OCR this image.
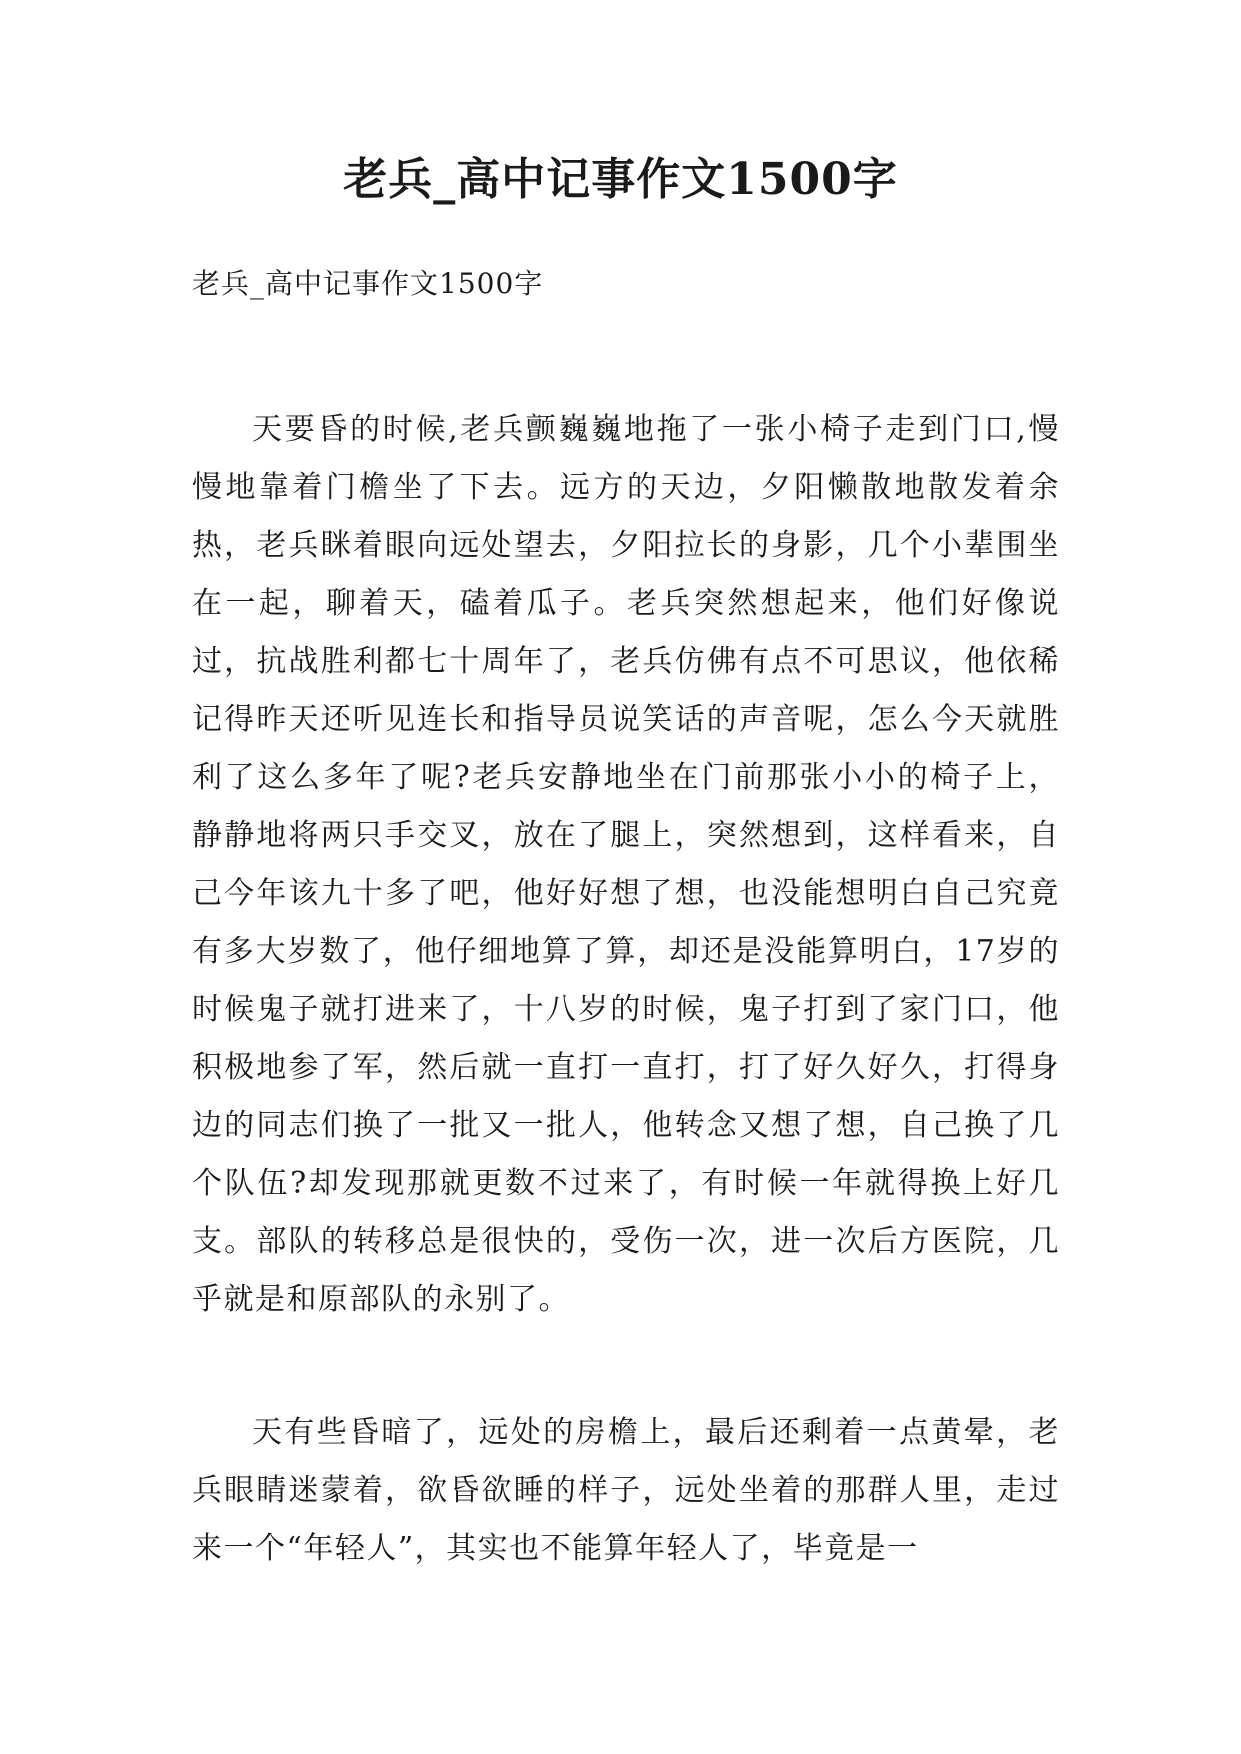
老兵_高中记事作文1500字
老兵_高中记事作文1500字

天要昏的时候,老兵颤巍巍地拖了一张小椅子走到门口,慢慢地靠着门檐坐了下去。远方的天边，夕阳懒散地散发着余热，老兵眯着眼向远处望去，夕阳拉长的身影，几个小辈围坐在一起，聊着天，磕着瓜子。老兵突然想起来，他们好像说过，抗战胜利都七十周年了，老兵仿佛有点不可思议，他依稀记得昨天还听见连长和指导员说笑话的声音呢，怎么今天就胜利了这么多年了呢?老兵安静地坐在门前那张小小的椅子上，静静地将两只手交叉，放在了腿上，突然想到，这样看来，自己今年该九十多了吧，他好好想了想，也没能想明白自己究竟有多大岁数了，他仔细地算了算，却还是没能算明白，17岁的时候鬼子就打进来了，十八岁的时候，鬼子打到了家门口，他积极地参了军，然后就一直打一直打，打了好久好久，打得身边的同志们换了一批又一批人，他转念又想了想，自己换了几个队伍?却发现那就更数不过来了，有时候一年就得换上好几支。部队的转移总是很快的，受伤一次，进一次后方医院，几乎就是和原部队的永别了。

天有些昏暗了，远处的房檐上，最后还剩着一点黄晕，老兵眼睛迷蒙着，欲昏欲睡的样子，远处坐着的那群人里，走过来一个“年轻人”，其实也不能算年轻人了，毕竟是一
